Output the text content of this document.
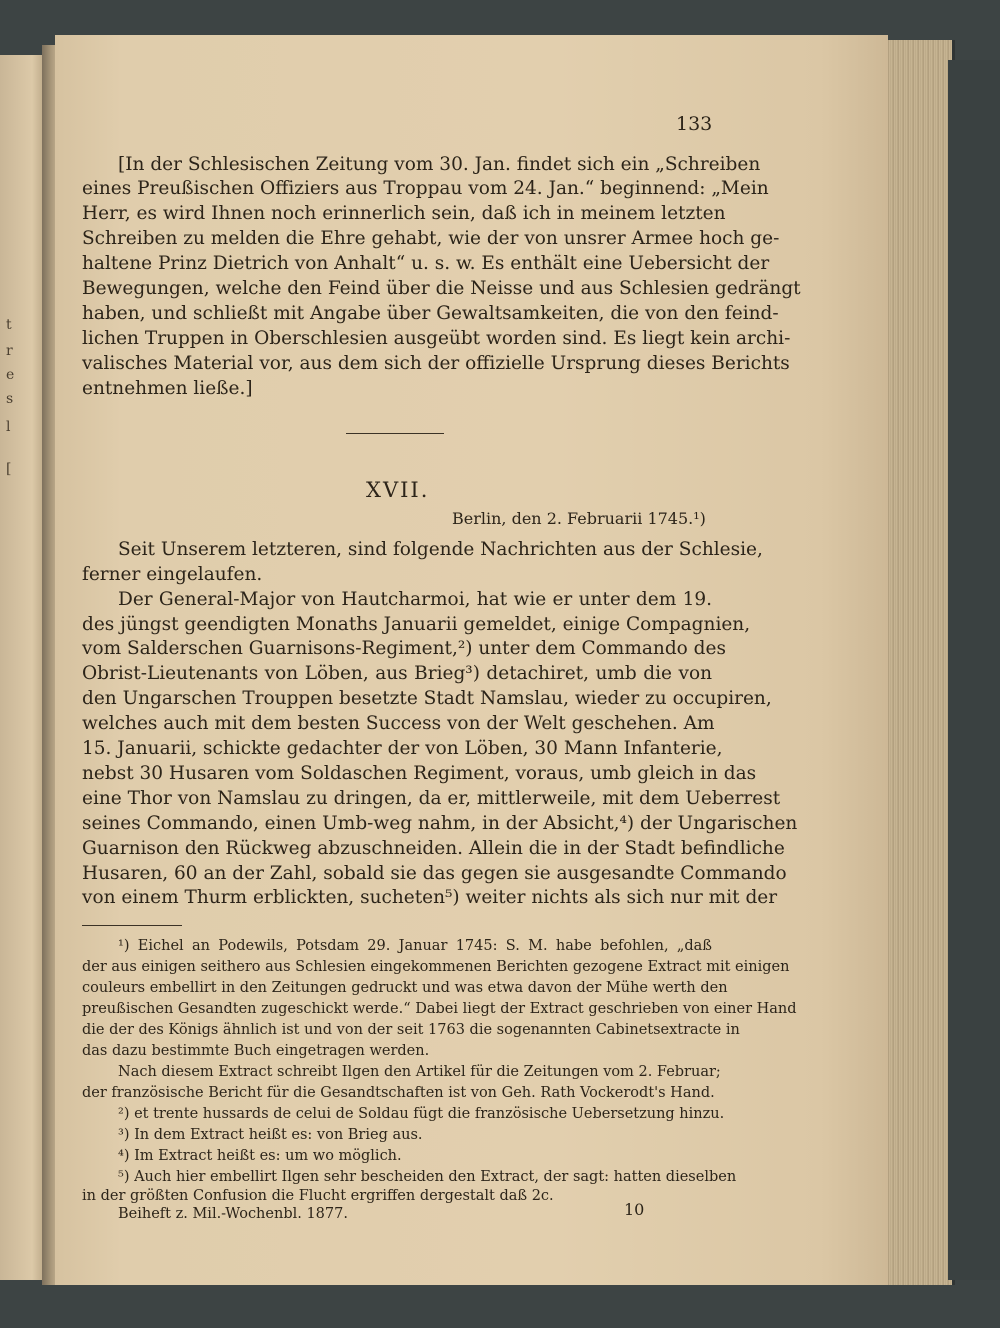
t
r
e
s
l
[
133
[In der Schlesischen Zeitung vom 30. Jan. findet sich ein „Schreiben
eines Preußischen Offiziers aus Troppau vom 24. Jan.“ beginnend: „Mein
Herr, es wird Ihnen noch erinnerlich sein, daß ich in meinem letzten
Schreiben zu melden die Ehre gehabt, wie der von unsrer Armee hoch ge-
haltene Prinz Dietrich von Anhalt“ u. s. w. Es enthält eine Uebersicht der
Bewegungen, welche den Feind über die Neisse und aus Schlesien gedrängt
haben, und schließt mit Angabe über Gewaltsamkeiten, die von den feind-
lichen Truppen in Oberschlesien ausgeübt worden sind. Es liegt kein archi-
valisches Material vor, aus dem sich der offizielle Ursprung dieses Berichts
entnehmen ließe.]
XVII.
Berlin, den 2. Februarii 1745.¹)
Seit Unserem letzteren, sind folgende Nachrichten aus der Schlesie,
ferner eingelaufen.
Der General-Major von Hautcharmoi, hat wie er unter dem 19.
des jüngst geendigten Monaths Januarii gemeldet, einige Compagnien,
vom Salderschen Guarnisons-Regiment,²) unter dem Commando des
Obrist-Lieutenants von Löben, aus Brieg³) detachiret, umb die von
den Ungarschen Trouppen besetzte Stadt Namslau, wieder zu occupiren,
welches auch mit dem besten Success von der Welt geschehen. Am
15. Januarii, schickte gedachter der von Löben, 30 Mann Infanterie,
nebst 30 Husaren vom Soldaschen Regiment, voraus, umb gleich in das
eine Thor von Namslau zu dringen, da er, mittlerweile, mit dem Ueberrest
seines Commando, einen Umb-weg nahm, in der Absicht,⁴) der Ungarischen
Guarnison den Rückweg abzuschneiden. Allein die in der Stadt befindliche
Husaren, 60 an der Zahl, sobald sie das gegen sie ausgesandte Commando
von einem Thurm erblickten, sucheten⁵) weiter nichts als sich nur mit der
¹) Eichel an Podewils, Potsdam 29. Januar 1745: S. M. habe befohlen, „daß
der aus einigen seithero aus Schlesien eingekommenen Berichten gezogene Extract mit einigen
couleurs embellirt in den Zeitungen gedruckt und was etwa davon der Mühe werth den
preußischen Gesandten zugeschickt werde.“ Dabei liegt der Extract geschrieben von einer Hand
die der des Königs ähnlich ist und von der seit 1763 die sogenannten Cabinetsextracte in
das dazu bestimmte Buch eingetragen werden.
Nach diesem Extract schreibt Ilgen den Artikel für die Zeitungen vom 2. Februar;
der französische Bericht für die Gesandtschaften ist von Geh. Rath Vockerodt's Hand.
²) et trente hussards de celui de Soldau fügt die französische Uebersetzung hinzu.
³) In dem Extract heißt es: von Brieg aus.
⁴) Im Extract heißt es: um wo möglich.
⁵) Auch hier embellirt Ilgen sehr bescheiden den Extract, der sagt: hatten dieselben
in der größten Confusion die Flucht ergriffen dergestalt daß 2c.
Beiheft z. Mil.-Wochenbl. 1877.	10
